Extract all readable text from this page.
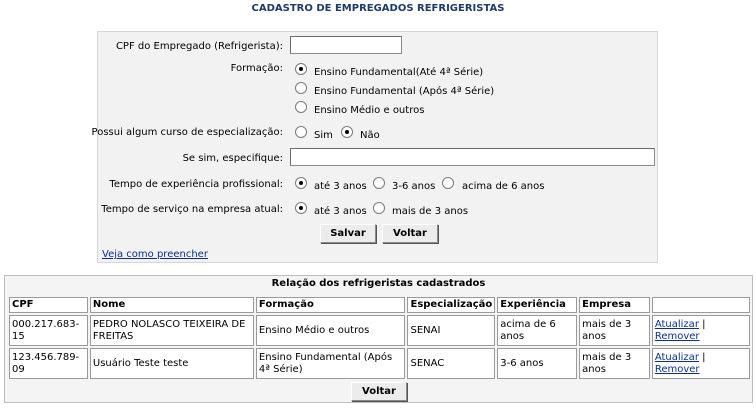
CADASTRO DE EMPREGADOS REFRIGERISTAS
CPF do Empregado (Refrigerista):
Formação:	Ensino Fundamental(Até 4ª Série)
Ensino Fundamental (Após 4ª Série)
Ensino Médio e outros
Possui algum curso de especialização:	Sim	Não
Se sim, especifique:
Tempo de experiência profissional:	até 3 anos	3-6 anos	acima de 6 anos
Tempo de serviço na empresa atual:	até 3 anos	mais de 3 anos
Salvar	Voltar
Veja como preencher
Relação dos refrigeristas cadastrados
CPF	Nome	Formação	Especialização	Experiência	Empresa	
000.217.683-15	PEDRO NOLASCO TEIXEIRA DE FREITAS	Ensino Médio e outros	SENAI	acima de 6 anos	mais de 3 anos	Atualizar | Remover
123.456.789-09	Usuário Teste teste	Ensino Fundamental (Após 4ª Série)	SENAC	3-6 anos	mais de 3 anos	Atualizar | Remover
Voltar
